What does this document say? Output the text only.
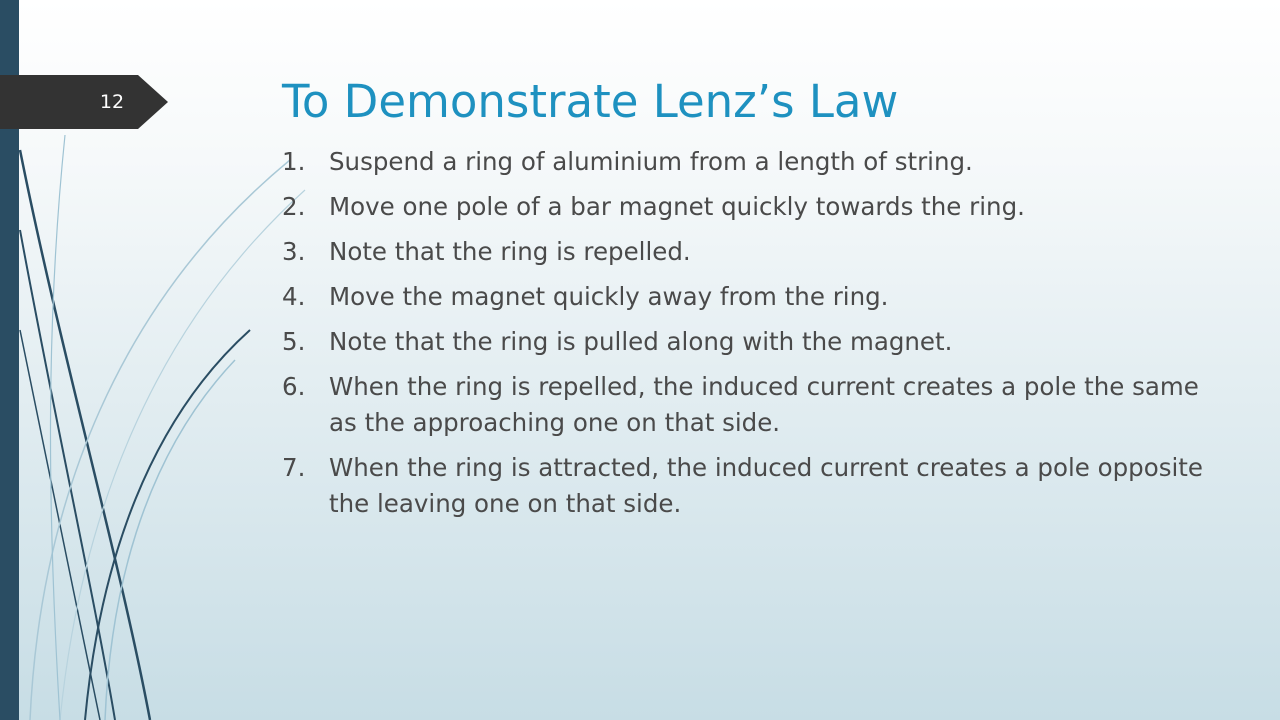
12	To Demonstrate Lenz’s Law
1. Suspend a ring of aluminium from a length of string.
2. Move one pole of a bar magnet quickly towards the ring.
3. Note that the ring is repelled.
4. Move the magnet quickly away from the ring.
5. Note that the ring is pulled along with the magnet.
6. When the ring is repelled, the induced current creates a pole the same as the approaching one on that side.
7. When the ring is attracted, the induced current creates a pole opposite the leaving one on that side.
